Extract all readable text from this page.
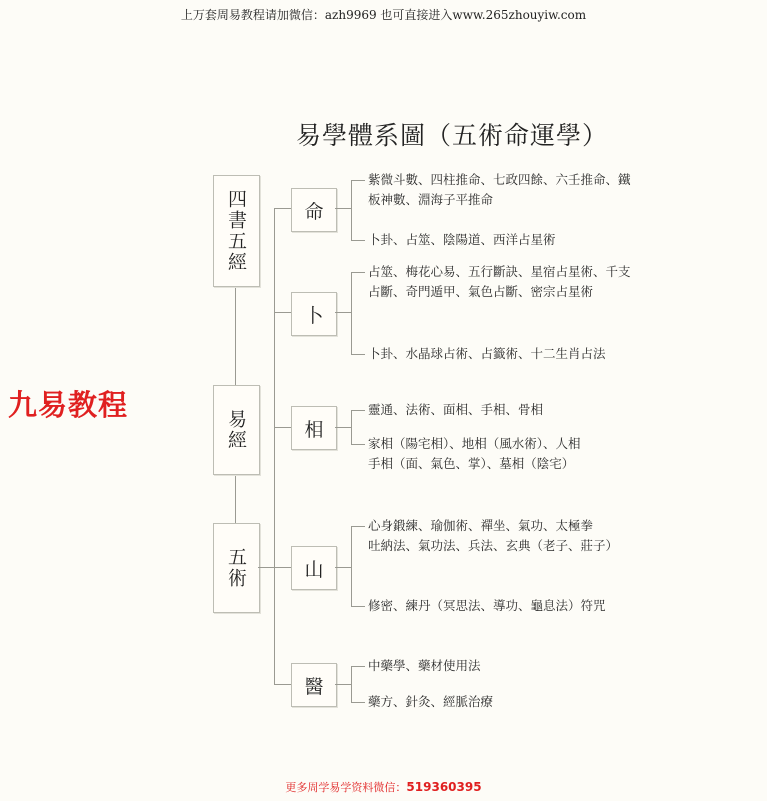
上万套周易教程请加微信：azh9969 也可直接进入www.265zhouyiw.com
九易教程
易學體系圖（五術命運學）
四書五經
易經
五術
命
卜
相
山
醫
紫微斗數、四柱推命、七政四餘、六壬推命、鐵
板神數、淵海子平推命
卜卦、占筮、陰陽道、西洋占星術
占筮、梅花心易、五行斷訣、星宿占星術、千支
占斷、奇門遁甲、氣色占斷、密宗占星術
卜卦、水晶球占術、占籤術、十二生肖占法
靈通、法術、面相、手相、骨相
家相（陽宅相）、地相（風水術）、人相
手相（面、氣色、掌）、墓相（陰宅）
心身鍛練、瑜伽術、禪坐、氣功、太極拳
吐納法、氣功法、兵法、玄典（老子、莊子）
修密、練丹（冥思法、導功、龜息法）符咒
中藥學、藥材使用法
藥方、針灸、經脈治療
更多周学易学资料微信：519360395
